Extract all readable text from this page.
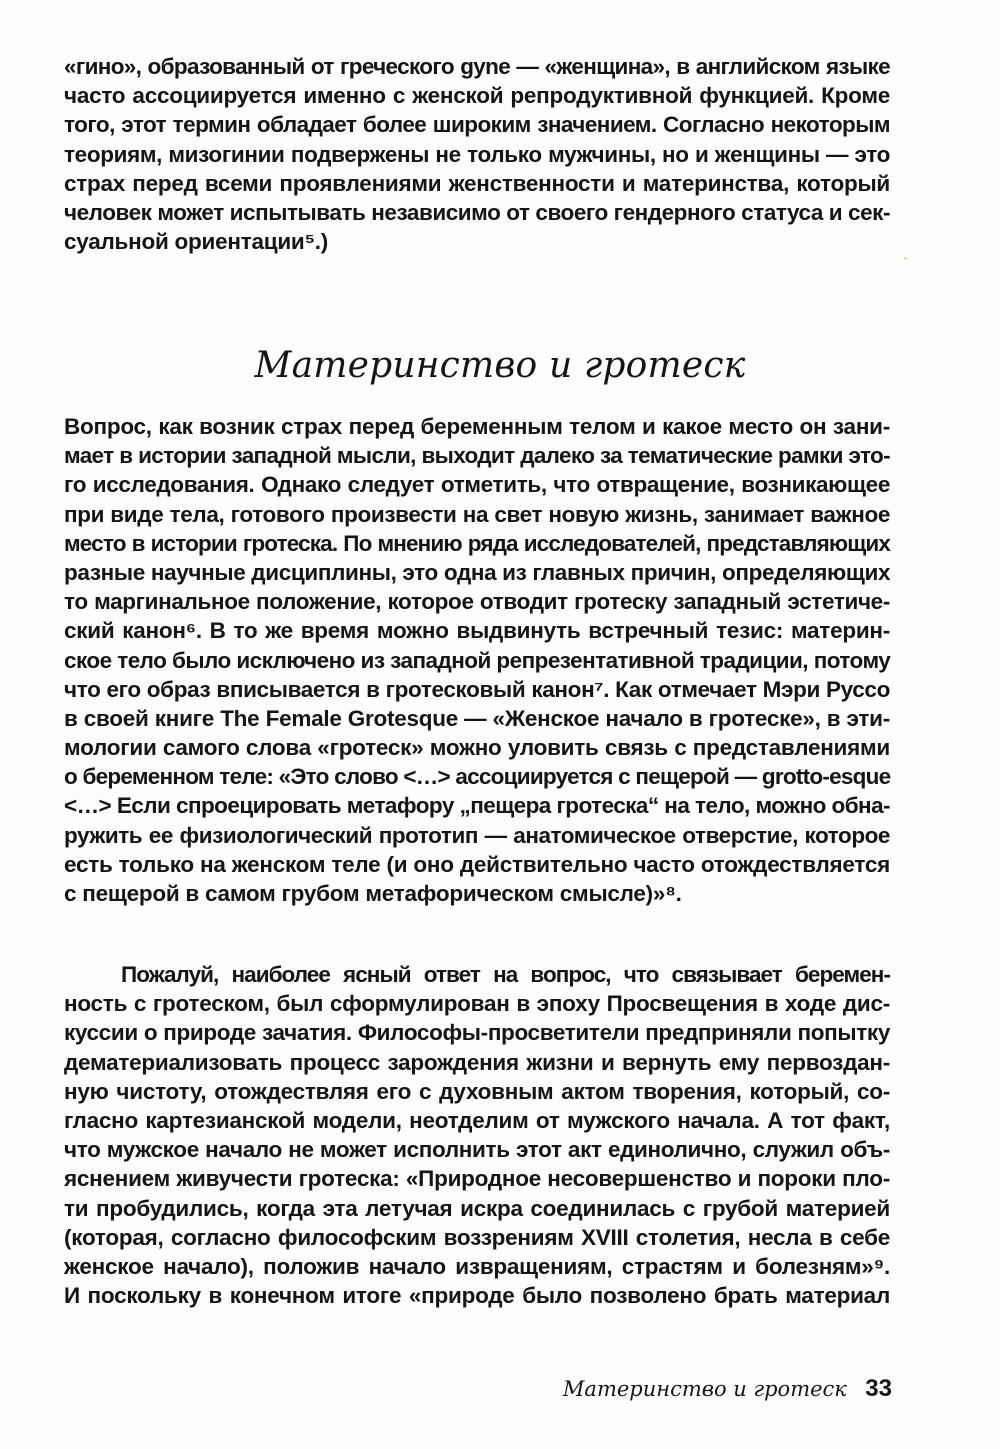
«гино», образованный от греческого gyne — «женщина», в английском языке
часто ассоциируется именно с женской репродуктивной функцией. Кроме
того, этот термин обладает более широким значением. Согласно некоторым
теориям, мизогинии подвержены не только мужчины, но и женщины — это
страх перед всеми проявлениями женственности и материнства, который
человек может испытывать независимо от своего гендерного статуса и сек-
суальной ориентации⁵.)
Материнство и гротеск
Вопрос, как возник страх перед беременным телом и какое место он зани-
мает в истории западной мысли, выходит далеко за тематические рамки это-
го исследования. Однако следует отметить, что отвращение, возникающее
при виде тела, готового произвести на свет новую жизнь, занимает важное
место в истории гротеска. По мнению ряда исследователей, представляющих
разные научные дисциплины, это одна из главных причин, определяющих
то маргинальное положение, которое отводит гротеску западный эстетиче-
ский канон⁶. В то же время можно выдвинуть встречный тезис: материн-
ское тело было исключено из западной репрезентативной традиции, потому
что его образ вписывается в гротесковый канон⁷. Как отмечает Мэри Руссо
в своей книге The Female Grotesque — «Женское начало в гротеске», в эти-
мологии самого слова «гротеск» можно уловить связь с представлениями
о беременном теле: «Это слово <…> ассоциируется с пещерой — grotto-esque
<…> Если спроецировать метафору „пещера гротеска“ на тело, можно обна-
ружить ее физиологический прототип — анатомическое отверстие, которое
есть только на женском теле (и оно действительно часто отождествляется
с пещерой в самом грубом метафорическом смысле)»⁸.
Пожалуй, наиболее ясный ответ на вопрос, что связывает беремен-
ность с гротеском, был сформулирован в эпоху Просвещения в ходе дис-
куссии о природе зачатия. Философы-просветители предприняли попытку
дематериализовать процесс зарождения жизни и вернуть ему первоздан-
ную чистоту, отождествляя его с духовным актом творения, который, со-
гласно картезианской модели, неотделим от мужского начала. А тот факт,
что мужское начало не может исполнить этот акт единолично, служил объ-
яснением живучести гротеска: «Природное несовершенство и пороки пло-
ти пробудились, когда эта летучая искра соединилась с грубой материей
(которая, согласно философским воззрениям XVIII столетия, несла в себе
женское начало), положив начало извращениям, страстям и болезням»⁹.
И поскольку в конечном итоге «природе было позволено брать материал
Материнство и гротеск 33
